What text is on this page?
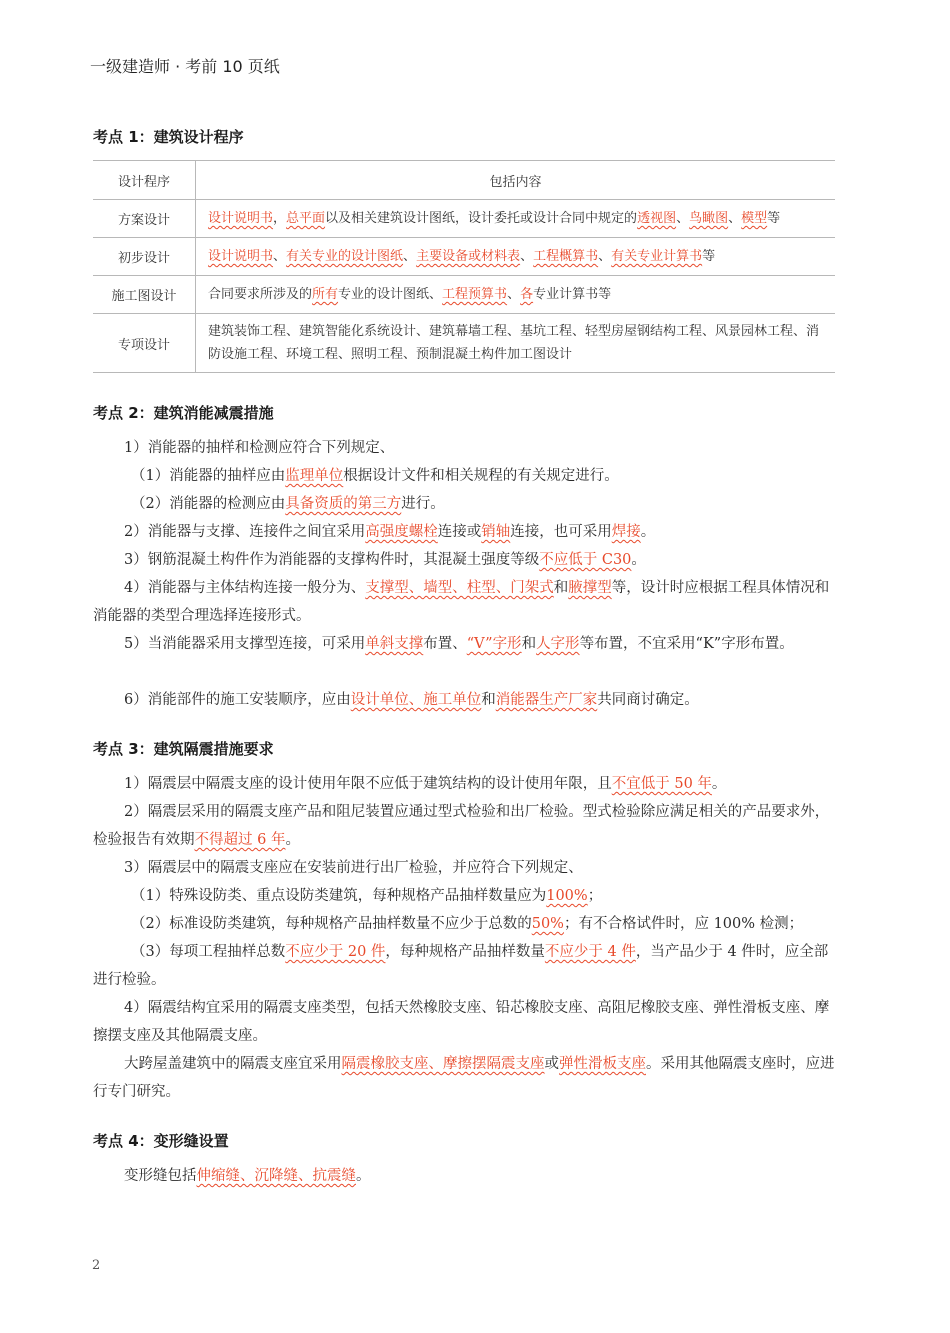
一级建造师 · 考前 10 页纸
考点 1：建筑设计程序
设计程序	包括内容
方案设计	设计说明书，总平面以及相关建筑设计图纸，设计委托或设计合同中规定的透视图、鸟瞰图、模型等
初步设计	设计说明书、有关专业的设计图纸、主要设备或材料表、工程概算书、有关专业计算书等
施工图设计	合同要求所涉及的所有专业的设计图纸、工程预算书、各专业计算书等
专项设计	建筑装饰工程、建筑智能化系统设计、建筑幕墙工程、基坑工程、轻型房屋钢结构工程、风景园林工程、消防设施工程、环境工程、照明工程、预制混凝土构件加工图设计
考点 2：建筑消能减震措施
1）消能器的抽样和检测应符合下列规定、
（1）消能器的抽样应由监理单位根据设计文件和相关规程的有关规定进行。
（2）消能器的检测应由具备资质的第三方进行。
2）消能器与支撑、连接件之间宜采用高强度螺栓连接或销轴连接，也可采用焊接。
3）钢筋混凝土构件作为消能器的支撑构件时，其混凝土强度等级不应低于 C30。
4）消能器与主体结构连接一般分为、支撑型、墙型、柱型、门架式和腋撑型等，设计时应根据工程具体情况和消能器的类型合理选择连接形式。
5）当消能器采用支撑型连接，可采用单斜支撑布置、“V”字形和人字形等布置，不宜采用“K”字形布置。
6）消能部件的施工安装顺序，应由设计单位、施工单位和消能器生产厂家共同商讨确定。
考点 3：建筑隔震措施要求
1）隔震层中隔震支座的设计使用年限不应低于建筑结构的设计使用年限，且不宜低于 50 年。
2）隔震层采用的隔震支座产品和阻尼装置应通过型式检验和出厂检验。型式检验除应满足相关的产品要求外，检验报告有效期不得超过 6 年。
3）隔震层中的隔震支座应在安装前进行出厂检验，并应符合下列规定、
（1）特殊设防类、重点设防类建筑，每种规格产品抽样数量应为100%；
（2）标准设防类建筑，每种规格产品抽样数量不应少于总数的50%；有不合格试件时，应 100% 检测；
（3）每项工程抽样总数不应少于 20 件，每种规格产品抽样数量不应少于 4 件，当产品少于 4 件时，应全部进行检验。
4）隔震结构宜采用的隔震支座类型，包括天然橡胶支座、铅芯橡胶支座、高阻尼橡胶支座、弹性滑板支座、摩擦摆支座及其他隔震支座。
大跨屋盖建筑中的隔震支座宜采用隔震橡胶支座、摩擦摆隔震支座或弹性滑板支座。采用其他隔震支座时，应进行专门研究。
考点 4：变形缝设置
变形缝包括伸缩缝、沉降缝、抗震缝。
2
